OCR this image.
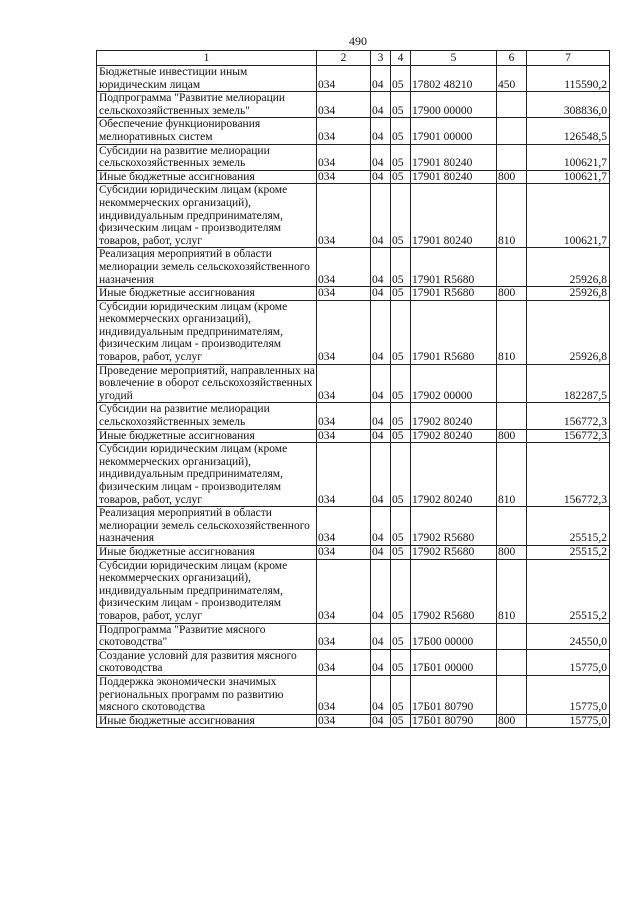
490
1	2	3	4	5	6	7
Бюджетные инвестиции иным юридическим лицам	034	04	05	17802 48210	450	115590,2
Подпрограмма "Развитие мелиорации сельскохозяйственных земель"	034	04	05	17900 00000		308836,0
Обеспечение функционирования мелиоративных систем	034	04	05	17901 00000		126548,5
Субсидии на развитие мелиорации сельскохозяйственных земель	034	04	05	17901 80240		100621,7
Иные бюджетные ассигнования	034	04	05	17901 80240	800	100621,7
Субсидии юридическим лицам (кроме некоммерческих организаций), индивидуальным предпринимателям, физическим лицам - производителям товаров, работ, услуг	034	04	05	17901 80240	810	100621,7
Реализация мероприятий в области мелиорации земель сельскохозяйственного назначения	034	04	05	17901 R5680		25926,8
Иные бюджетные ассигнования	034	04	05	17901 R5680	800	25926,8
Субсидии юридическим лицам (кроме некоммерческих организаций), индивидуальным предпринимателям, физическим лицам - производителям товаров, работ, услуг	034	04	05	17901 R5680	810	25926,8
Проведение мероприятий, направленных на вовлечение в оборот сельскохозяйственных угодий	034	04	05	17902 00000		182287,5
Субсидии на развитие мелиорации сельскохозяйственных земель	034	04	05	17902 80240		156772,3
Иные бюджетные ассигнования	034	04	05	17902 80240	800	156772,3
Субсидии юридическим лицам (кроме некоммерческих организаций), индивидуальным предпринимателям, физическим лицам - производителям товаров, работ, услуг	034	04	05	17902 80240	810	156772,3
Реализация мероприятий в области мелиорации земель сельскохозяйственного назначения	034	04	05	17902 R5680		25515,2
Иные бюджетные ассигнования	034	04	05	17902 R5680	800	25515,2
Субсидии юридическим лицам (кроме некоммерческих организаций), индивидуальным предпринимателям, физическим лицам - производителям товаров, работ, услуг	034	04	05	17902 R5680	810	25515,2
Подпрограмма "Развитие мясного скотоводства"	034	04	05	17Б00 00000		24550,0
Создание условий для развития мясного скотоводства	034	04	05	17Б01 00000		15775,0
Поддержка экономически значимых региональных программ по развитию мясного скотоводства	034	04	05	17Б01 80790		15775,0
Иные бюджетные ассигнования	034	04	05	17Б01 80790	800	15775,0
